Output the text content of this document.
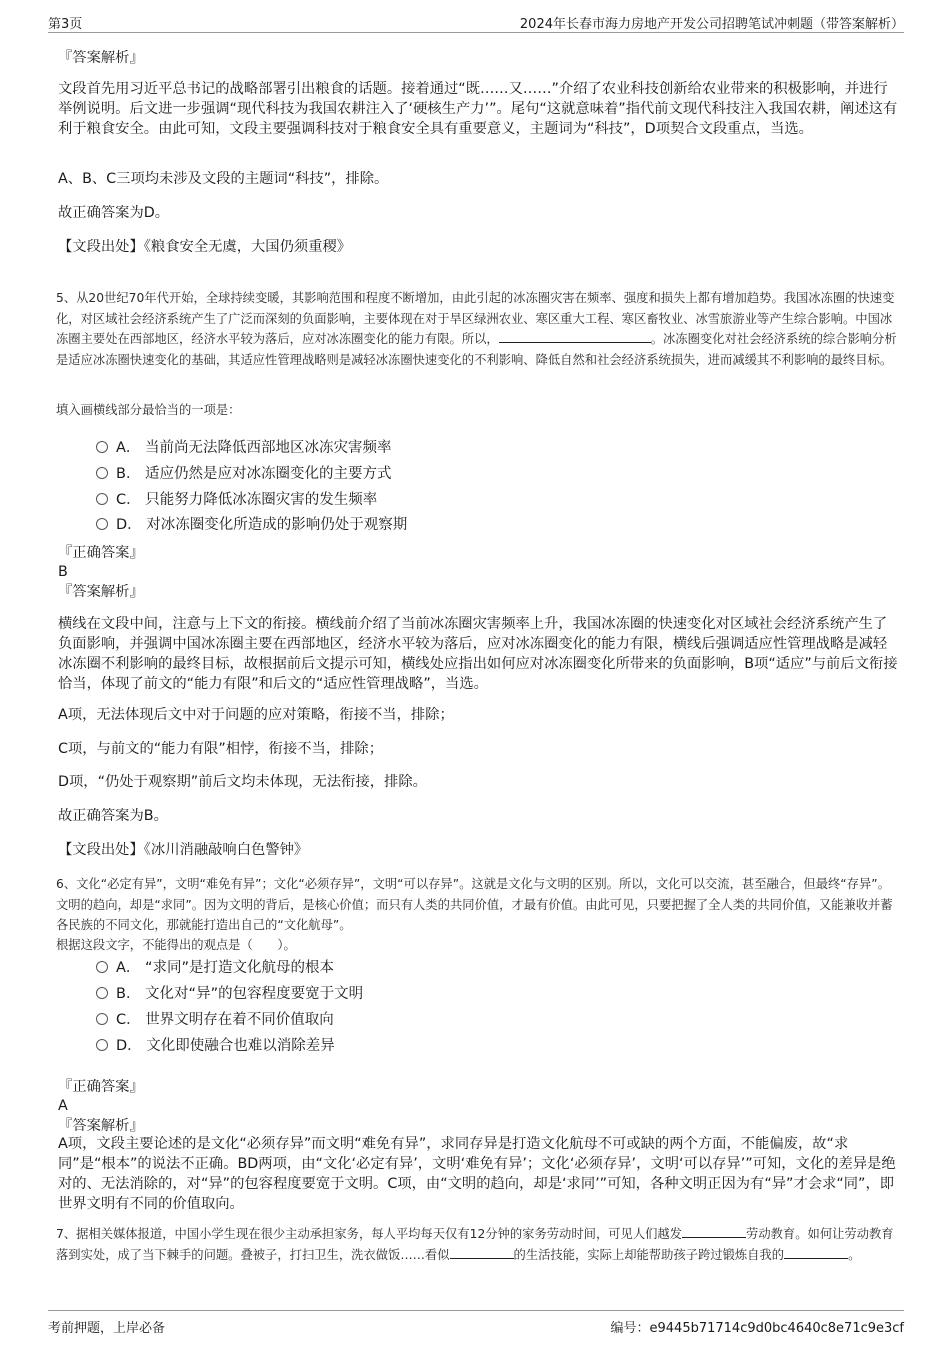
第3页	2024年长春市海力房地产开发公司招聘笔试冲刺题（带答案解析）
『答案解析』
文段首先用习近平总书记的战略部署引出粮食的话题。接着通过“既……又……”介绍了农业科技创新给农业带来的积极影响，并进行举例说明。后文进一步强调“现代科技为我国农耕注入了‘硬核生产力’”。尾句“这就意味着”指代前文现代科技注入我国农耕，阐述这有利于粮食安全。由此可知，文段主要强调科技对于粮食安全具有重要意义，主题词为“科技”，D项契合文段重点，当选。
A、B、C三项均未涉及文段的主题词“科技”，排除。
故正确答案为D。
【文段出处】《粮食安全无虞，大国仍须重稷》
5、从20世纪70年代开始，全球持续变暖，其影响范围和程度不断增加，由此引起的冰冻圈灾害在频率、强度和损失上都有增加趋势。我国冰冻圈的快速变化，对区域社会经济系统产生了广泛而深刻的负面影响，主要体现在对于旱区绿洲农业、寒区重大工程、寒区畜牧业、冰雪旅游业等产生综合影响。中国冰冻圈主要处在西部地区，经济水平较为落后，应对冰冻圈变化的能力有限。所以，	。冰冻圈变化对社会经济系统的综合影响分析是适应冰冻圈快速变化的基础，其适应性管理战略则是减轻冰冻圈快速变化的不利影响、降低自然和社会经济系统损失，进而减缓其不利影响的最终目标。
填入画横线部分最恰当的一项是：
A． 当前尚无法降低西部地区冰冻灾害频率
B． 适应仍然是应对冰冻圈变化的主要方式
C． 只能努力降低冰冻圈灾害的发生频率
D． 对冰冻圈变化所造成的影响仍处于观察期
『正确答案』
B
『答案解析』
横线在文段中间，注意与上下文的衔接。横线前介绍了当前冰冻圈灾害频率上升，我国冰冻圈的快速变化对区域社会经济系统产生了负面影响，并强调中国冰冻圈主要在西部地区，经济水平较为落后，应对冰冻圈变化的能力有限，横线后强调适应性管理战略是减轻冰冻圈不利影响的最终目标，故根据前后文提示可知，横线处应指出如何应对冰冻圈变化所带来的负面影响，B项“适应”与前后文衔接恰当，体现了前文的“能力有限”和后文的“适应性管理战略”，当选。
A项，无法体现后文中对于问题的应对策略，衔接不当，排除；
C项，与前文的“能力有限”相悖，衔接不当，排除；
D项，“仍处于观察期”前后文均未体现，无法衔接，排除。
故正确答案为B。
【文段出处】《冰川消融敲响白色警钟》
6、文化“必定有异”，文明“难免有异”；文化“必须存异”，文明“可以存异”。这就是文化与文明的区别。所以，文化可以交流，甚至融合，但最终“存异”。文明的趋向，却是“求同”。因为文明的背后，是核心价值；而只有人类的共同价值，才最有价值。由此可见，只要把握了全人类的共同价值，又能兼收并蓄各民族的不同文化，那就能打造出自己的“文化航母”。
根据这段文字，不能得出的观点是（　　）。
A． “求同”是打造文化航母的根本
B． 文化对“异”的包容程度要宽于文明
C． 世界文明存在着不同价值取向
D． 文化即使融合也难以消除差异
『正确答案』
A
『答案解析』
A项，文段主要论述的是文化“必须存异”而文明“难免有异”，求同存异是打造文化航母不可或缺的两个方面，不能偏废，故“求同”是“根本”的说法不正确。BD两项，由“文化‘必定有异’，文明‘难免有异’；文化‘必须存异’，文明‘可以存异’”可知，文化的差异是绝对的、无法消除的，对“异”的包容程度要宽于文明。C项，由“文明的趋向，却是‘求同’”可知，各种文明正因为有“异”才会求“同”，即世界文明有不同的价值取向。
7、据相关媒体报道，中国小学生现在很少主动承担家务，每人平均每天仅有12分钟的家务劳动时间，可见人们越发	劳动教育。如何让劳动教育落到实处，成了当下棘手的问题。叠被子，打扫卫生，洗衣做饭……看似	的生活技能，实际上却能帮助孩子跨过锻炼自我的	。
考前押题，上岸必备	编号：e9445b71714c9d0bc4640c8e71c9e3cf
